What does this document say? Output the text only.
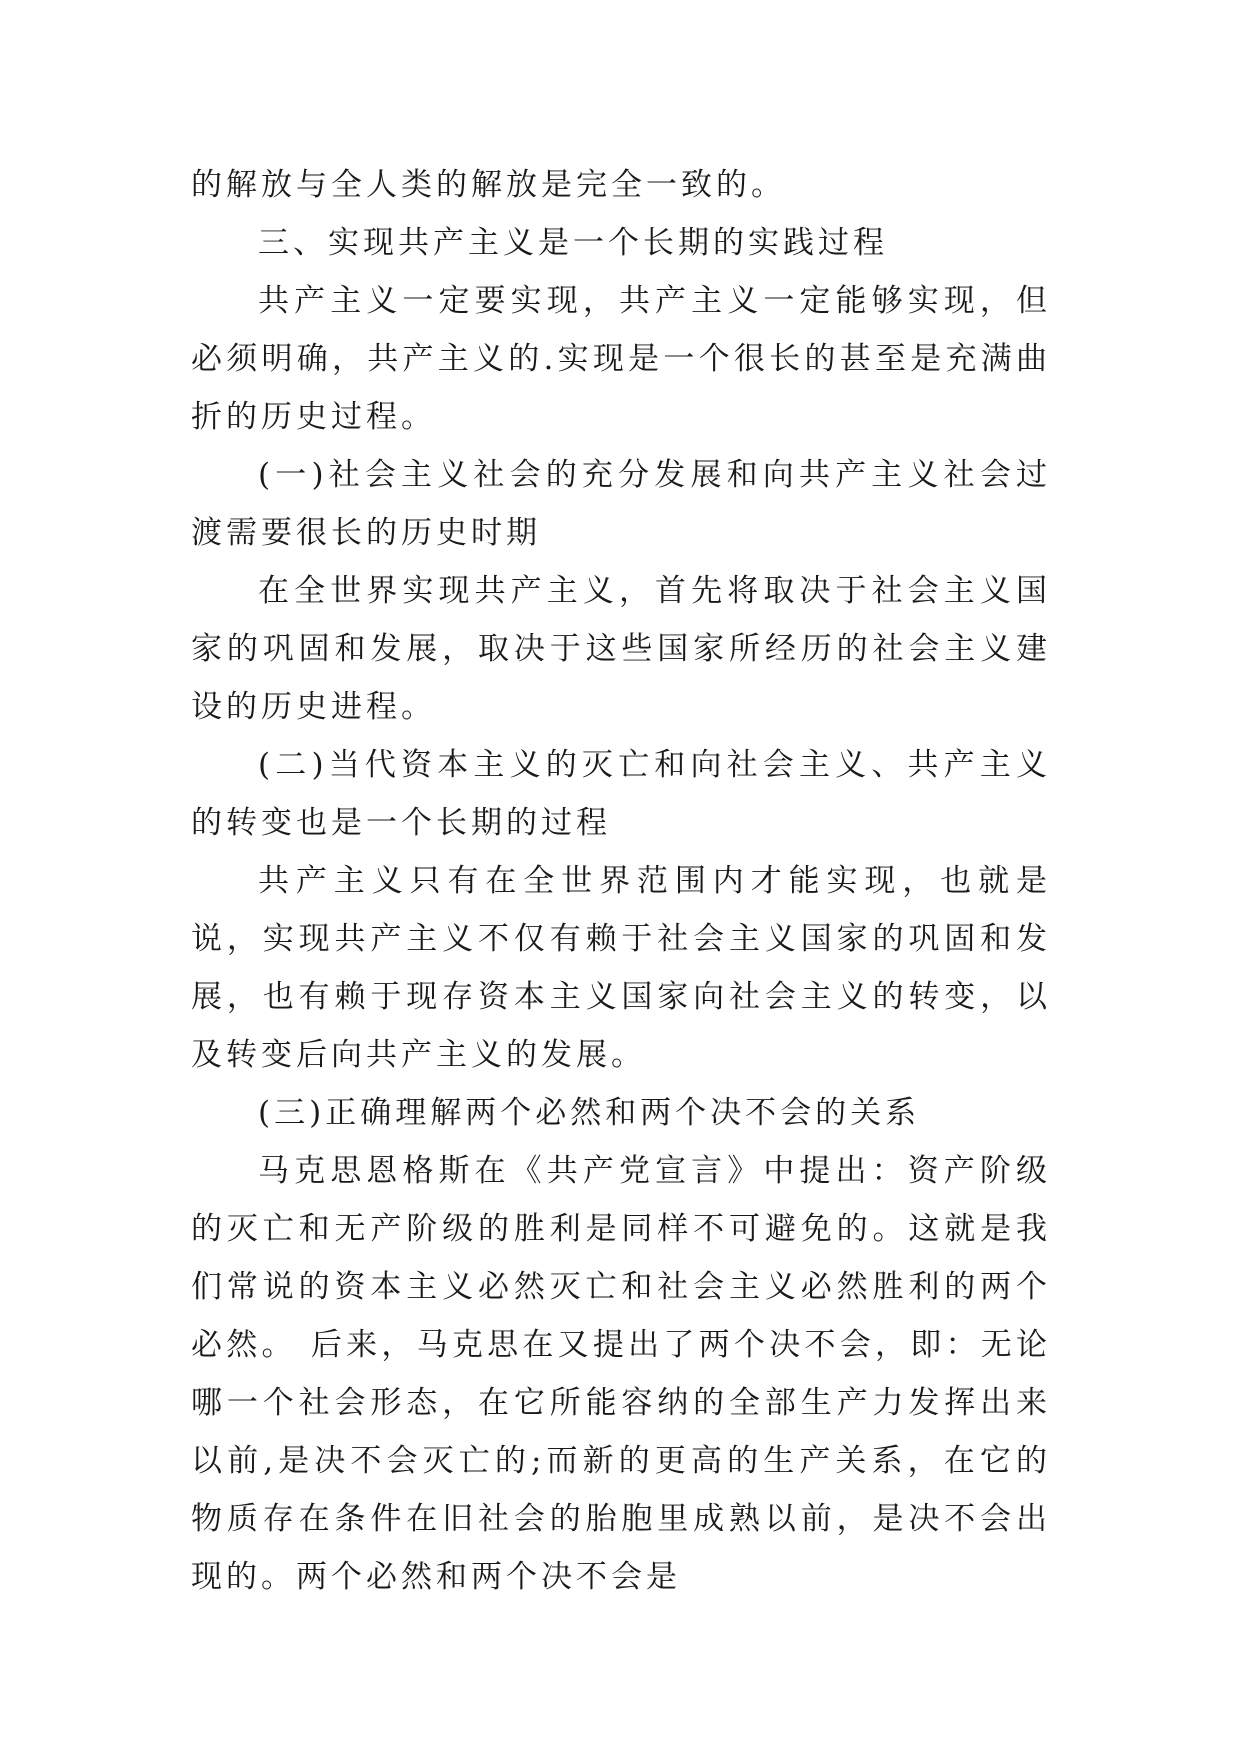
的解放与全人类的解放是完全一致的。

三、实现共产主义是一个长期的实践过程

共产主义一定要实现，共产主义一定能够实现，但必须明确，共产主义的.实现是一个很长的甚至是充满曲折的历史过程。

(一)社会主义社会的充分发展和向共产主义社会过渡需要很长的历史时期

在全世界实现共产主义，首先将取决于社会主义国家的巩固和发展，取决于这些国家所经历的社会主义建设的历史进程。

(二)当代资本主义的灭亡和向社会主义、共产主义的转变也是一个长期的过程

共产主义只有在全世界范围内才能实现，也就是说，实现共产主义不仅有赖于社会主义国家的巩固和发展，也有赖于现存资本主义国家向社会主义的转变，以及转变后向共产主义的发展。

(三)正确理解两个必然和两个决不会的关系

马克思恩格斯在《共产党宣言》中提出：资产阶级的灭亡和无产阶级的胜利是同样不可避免的。这就是我们常说的资本主义必然灭亡和社会主义必然胜利的两个必然。 后来，马克思在又提出了两个决不会，即：无论哪一个社会形态，在它所能容纳的全部生产力发挥出来以前,是决不会灭亡的;而新的更高的生产关系，在它的物质存在条件在旧社会的胎胞里成熟以前，是决不会出现的。两个必然和两个决不会是
